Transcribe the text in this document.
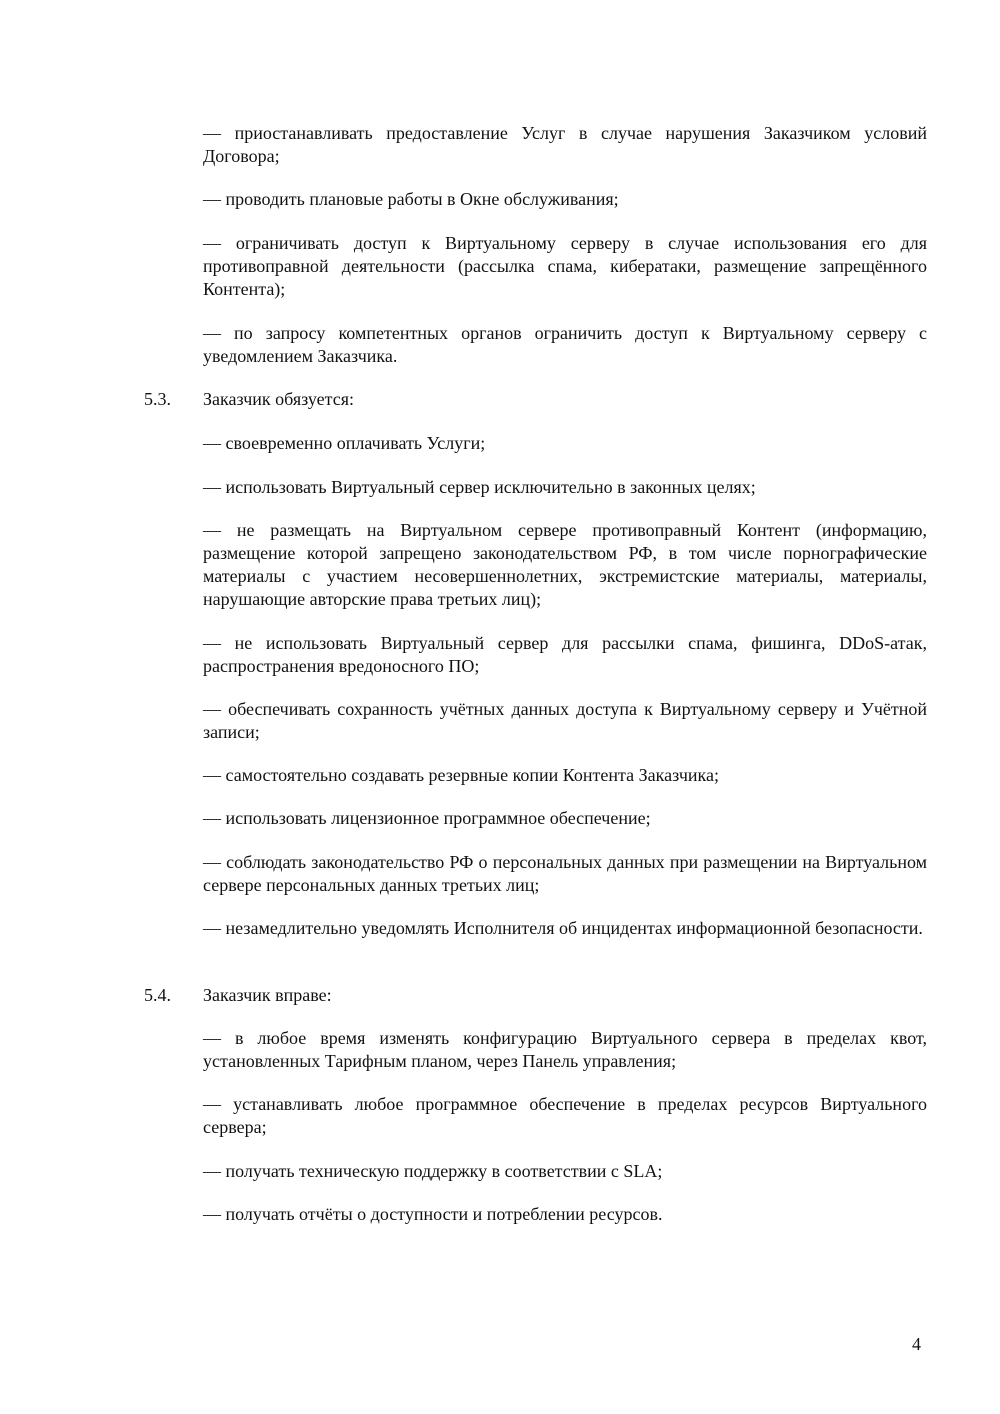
— приостанавливать предоставление Услуг в случае нарушения Заказчиком условий Договора;

— проводить плановые работы в Окне обслуживания;

— ограничивать доступ к Виртуальному серверу в случае использования его для противоправной деятельности (рассылка спама, кибератаки, размещение запрещённого Контента);

— по запросу компетентных органов ограничить доступ к Виртуальному серверу с уведомлением Заказчика.

5.3. Заказчик обязуется:

— своевременно оплачивать Услуги;

— использовать Виртуальный сервер исключительно в законных целях;

— не размещать на Виртуальном сервере противоправный Контент (информацию, размещение которой запрещено законодательством РФ, в том числе порнографические материалы с участием несовершеннолетних, экстремистские материалы, материалы, нарушающие авторские права третьих лиц);

— не использовать Виртуальный сервер для рассылки спама, фишинга, DDoS-атак, распространения вредоносного ПО;

— обеспечивать сохранность учётных данных доступа к Виртуальному серверу и Учётной записи;

— самостоятельно создавать резервные копии Контента Заказчика;

— использовать лицензионное программное обеспечение;

— соблюдать законодательство РФ о персональных данных при размещении на Виртуальном сервере персональных данных третьих лиц;

— незамедлительно уведомлять Исполнителя об инцидентах информационной безопасности.

5.4. Заказчик вправе:

— в любое время изменять конфигурацию Виртуального сервера в пределах квот, установленных Тарифным планом, через Панель управления;

— устанавливать любое программное обеспечение в пределах ресурсов Виртуального сервера;

— получать техническую поддержку в соответствии с SLA;

— получать отчёты о доступности и потреблении ресурсов.

4
